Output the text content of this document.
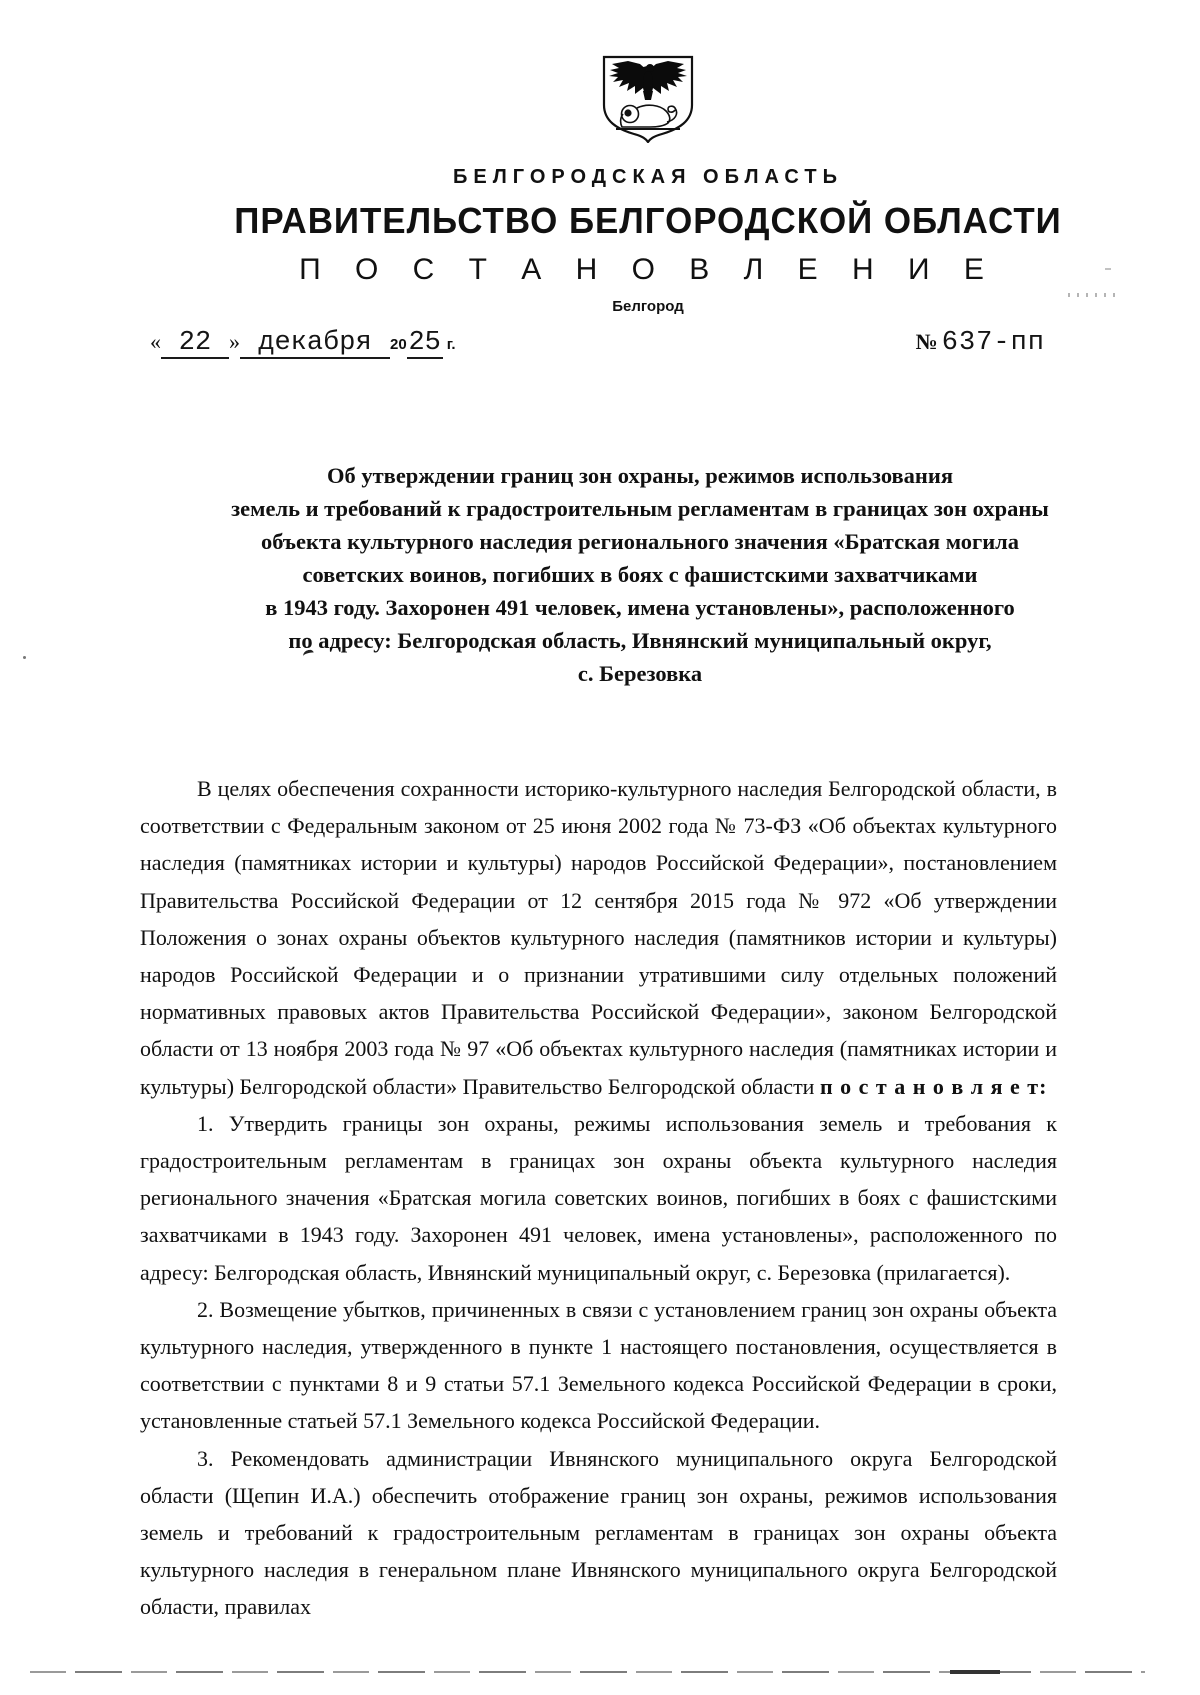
БЕЛГОРОДСКАЯ ОБЛАСТЬ
ПРАВИТЕЛЬСТВО БЕЛГОРОДСКОЙ ОБЛАСТИ
П О С Т А Н О В Л Е Н И Е
Белгород
« 22 » декабря 2025 г.	№ 637-пп
Об утверждении границ зон охраны, режимов использования
земель и требований к градостроительным регламентам в границах зон охраны
объекта культурного наследия регионального значения «Братская могила
советских воинов, погибших в боях с фашистскими захватчиками
в 1943 году. Захоронен 491 человек, имена установлены», расположенного
по адресу: Белгородская область, Ивнянский муниципальный округ,
с. Березовка

В целях обеспечения сохранности историко-культурного наследия Белгородской области, в соответствии с Федеральным законом от 25 июня 2002 года № 73-ФЗ «Об объектах культурного наследия (памятниках истории и культуры) народов Российской Федерации», постановлением Правительства Российской Федерации от 12 сентября 2015 года № 972 «Об утверждении Положения о зонах охраны объектов культурного наследия (памятников истории и культуры) народов Российской Федерации и о признании утратившими силу отдельных положений нормативных правовых актов Правительства Российской Федерации», законом Белгородской области от 13 ноября 2003 года № 97 «Об объектах культурного наследия (памятниках истории и культуры) Белгородской области» Правительство Белгородской области п о с т а н о в л я е т:

1. Утвердить границы зон охраны, режимы использования земель и требования к градостроительным регламентам в границах зон охраны объекта культурного наследия регионального значения «Братская могила советских воинов, погибших в боях с фашистскими захватчиками в 1943 году. Захоронен 491 человек, имена установлены», расположенного по адресу: Белгородская область, Ивнянский муниципальный округ, с. Березовка (прилагается).

2. Возмещение убытков, причиненных в связи с установлением границ зон охраны объекта культурного наследия, утвержденного в пункте 1 настоящего постановления, осуществляется в соответствии с пунктами 8 и 9 статьи 57.1 Земельного кодекса Российской Федерации в сроки, установленные статьей 57.1 Земельного кодекса Российской Федерации.

3. Рекомендовать администрации Ивнянского муниципального округа Белгородской области (Щепин И.А.) обеспечить отображение границ зон охраны, режимов использования земель и требований к градостроительным регламентам в границах зон охраны объекта культурного наследия в генеральном плане Ивнянского муниципального округа Белгородской области, правилах
